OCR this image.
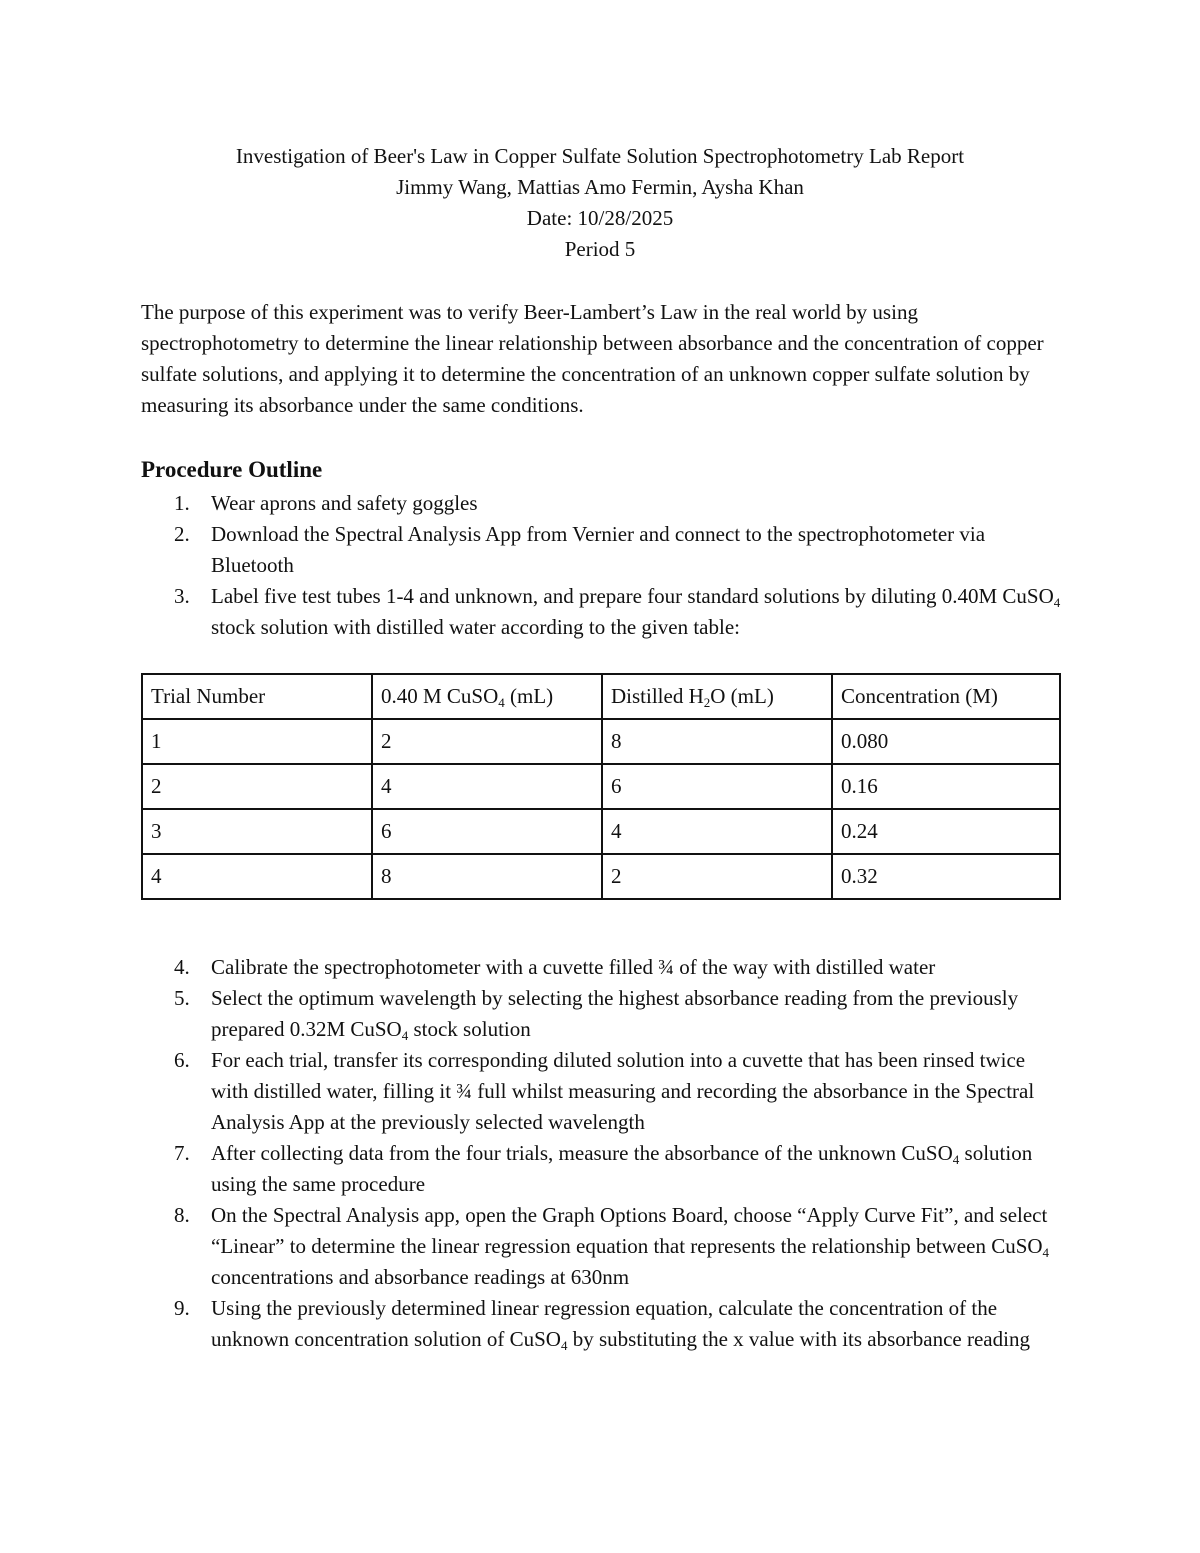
Investigation of Beer's Law in Copper Sulfate Solution Spectrophotometry Lab Report
Jimmy Wang, Mattias Amo Fermin, Aysha Khan
Date: 10/28/2025
Period 5

The purpose of this experiment was to verify Beer-Lambert’s Law in the real world by using spectrophotometry to determine the linear relationship between absorbance and the concentration of copper sulfate solutions, and applying it to determine the concentration of an unknown copper sulfate solution by measuring its absorbance under the same conditions.

Procedure Outline
1. Wear aprons and safety goggles
2. Download the Spectral Analysis App from Vernier and connect to the spectrophotometer via Bluetooth
3. Label five test tubes 1-4 and unknown, and prepare four standard solutions by diluting 0.40M CuSO$_4$ stock solution with distilled water according to the given table:
Trial Number	0.40 M CuSO$_4$ (mL)	Distilled $H_2O$ (mL)	Concentration (M)
1	2	8	0.080
2	4	6	0.16
3	6	4	0.24
4	8	2	0.32
4. Calibrate the spectrophotometer with a cuvette filled ¾ of the way with distilled water
5. Select the optimum wavelength by selecting the highest absorbance reading from the previously prepared 0.32M CuSO$_4$ stock solution
6. For each trial, transfer its corresponding diluted solution into a cuvette that has been rinsed twice with distilled water, filling it ¾ full whilst measuring and recording the absorbance in the Spectral Analysis App at the previously selected wavelength
7. After collecting data from the four trials, measure the absorbance of the unknown CuSO$_4$ solution using the same procedure
8. On the Spectral Analysis app, open the Graph Options Board, choose “Apply Curve Fit”, and select “Linear” to determine the linear regression equation that represents the relationship between CuSO$_4$ concentrations and absorbance readings at 630nm
9. Using the previously determined linear regression equation, calculate the concentration of the unknown concentration solution of CuSO$_4$ by substituting the x value with its absorbance reading
